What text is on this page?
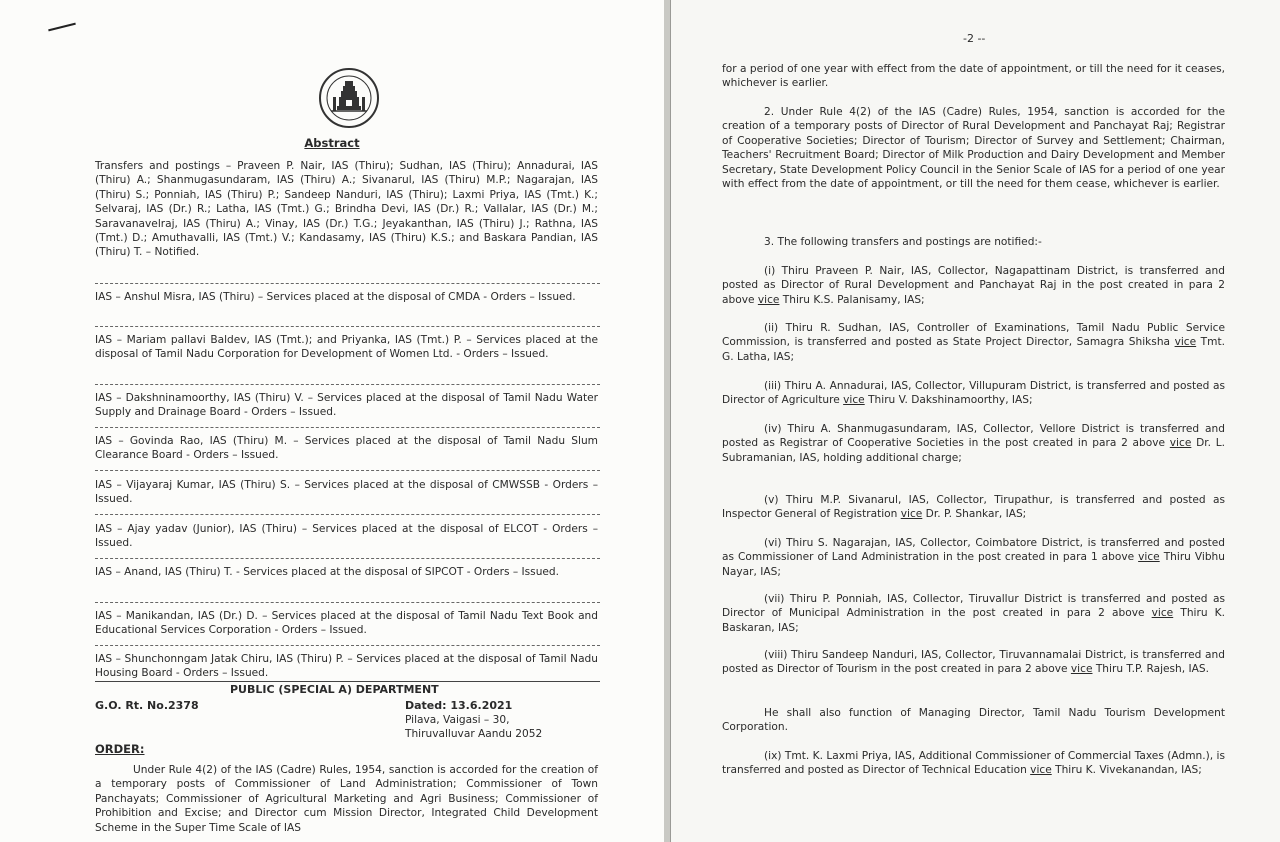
Abstract
Transfers and postings – Praveen P. Nair, IAS (Thiru); Sudhan, IAS (Thiru); Annadurai, IAS (Thiru) A.; Shanmugasundaram, IAS (Thiru) A.; Sivanarul, IAS (Thiru) M.P.; Nagarajan, IAS (Thiru) S.; Ponniah, IAS (Thiru) P.; Sandeep Nanduri, IAS (Thiru); Laxmi Priya, IAS (Tmt.) K.; Selvaraj, IAS (Dr.) R.; Latha, IAS (Tmt.) G.; Brindha Devi, IAS (Dr.) R.; Vallalar, IAS (Dr.) M.; Saravanavelraj, IAS (Thiru) A.; Vinay, IAS (Dr.) T.G.; Jeyakanthan, IAS (Thiru) J.; Rathna, IAS (Tmt.) D.; Amuthavalli, IAS (Tmt.) V.; Kandasamy, IAS (Thiru) K.S.; and Baskara Pandian, IAS (Thiru) T. – Notified.
IAS – Anshul Misra, IAS (Thiru) – Services placed at the disposal of CMDA - Orders – Issued.
IAS – Mariam pallavi Baldev, IAS (Tmt.); and Priyanka, IAS (Tmt.) P. – Services placed at the disposal of Tamil Nadu Corporation for Development of Women Ltd. - Orders – Issued.
IAS – Dakshninamoorthy, IAS (Thiru) V. – Services placed at the disposal of Tamil Nadu Water Supply and Drainage Board - Orders – Issued.
IAS – Govinda Rao, IAS (Thiru) M. – Services placed at the disposal of Tamil Nadu Slum Clearance Board - Orders – Issued.
IAS – Vijayaraj Kumar, IAS (Thiru) S. – Services placed at the disposal of CMWSSB - Orders – Issued.
IAS – Ajay yadav (Junior), IAS (Thiru) – Services placed at the disposal of ELCOT - Orders – Issued.
IAS – Anand, IAS (Thiru) T. - Services placed at the disposal of SIPCOT - Orders – Issued.
IAS – Manikandan, IAS (Dr.) D. – Services placed at the disposal of Tamil Nadu Text Book and Educational Services Corporation - Orders – Issued.
IAS – Shunchonngam Jatak Chiru, IAS (Thiru) P. – Services placed at the disposal of Tamil Nadu Housing Board - Orders – Issued.
PUBLIC (SPECIAL A) DEPARTMENT
G.O. Rt. No.2378	Dated: 13.6.2021
Pilava, Vaigasi – 30,
Thiruvalluvar Aandu 2052
ORDER:
Under Rule 4(2) of the IAS (Cadre) Rules, 1954, sanction is accorded for the creation of a temporary posts of Commissioner of Land Administration; Commissioner of Town Panchayats; Commissioner of Agricultural Marketing and Agri Business; Commissioner of Prohibition and Excise; and Director cum Mission Director, Integrated Child Development Scheme in the Super Time Scale of IAS
-2 --
for a period of one year with effect from the date of appointment, or till the need for it ceases, whichever is earlier.
2. Under Rule 4(2) of the IAS (Cadre) Rules, 1954, sanction is accorded for the creation of a temporary posts of Director of Rural Development and Panchayat Raj; Registrar of Cooperative Societies; Director of Tourism; Director of Survey and Settlement; Chairman, Teachers' Recruitment Board; Director of Milk Production and Dairy Development and Member Secretary, State Development Policy Council in the Senior Scale of IAS for a period of one year with effect from the date of appointment, or till the need for them cease, whichever is earlier.
3. The following transfers and postings are notified:-
(i) Thiru Praveen P. Nair, IAS, Collector, Nagapattinam District, is transferred and posted as Director of Rural Development and Panchayat Raj in the post created in para 2 above vice Thiru K.S. Palanisamy, IAS;
(ii) Thiru R. Sudhan, IAS, Controller of Examinations, Tamil Nadu Public Service Commission, is transferred and posted as State Project Director, Samagra Shiksha vice Tmt. G. Latha, IAS;
(iii) Thiru A. Annadurai, IAS, Collector, Villupuram District, is transferred and posted as Director of Agriculture vice Thiru V. Dakshinamoorthy, IAS;
(iv) Thiru A. Shanmugasundaram, IAS, Collector, Vellore District is transferred and posted as Registrar of Cooperative Societies in the post created in para 2 above vice Dr. L. Subramanian, IAS, holding additional charge;
(v) Thiru M.P. Sivanarul, IAS, Collector, Tirupathur, is transferred and posted as Inspector General of Registration vice Dr. P. Shankar, IAS;
(vi) Thiru S. Nagarajan, IAS, Collector, Coimbatore District, is transferred and posted as Commissioner of Land Administration in the post created in para 1 above vice Thiru Vibhu Nayar, IAS;
(vii) Thiru P. Ponniah, IAS, Collector, Tiruvallur District is transferred and posted as Director of Municipal Administration in the post created in para 2 above vice Thiru K. Baskaran, IAS;
(viii) Thiru Sandeep Nanduri, IAS, Collector, Tiruvannamalai District, is transferred and posted as Director of Tourism in the post created in para 2 above vice Thiru T.P. Rajesh, IAS.
He shall also function of Managing Director, Tamil Nadu Tourism Development Corporation.
(ix) Tmt. K. Laxmi Priya, IAS, Additional Commissioner of Commercial Taxes (Admn.), is transferred and posted as Director of Technical Education vice Thiru K. Vivekanandan, IAS;
